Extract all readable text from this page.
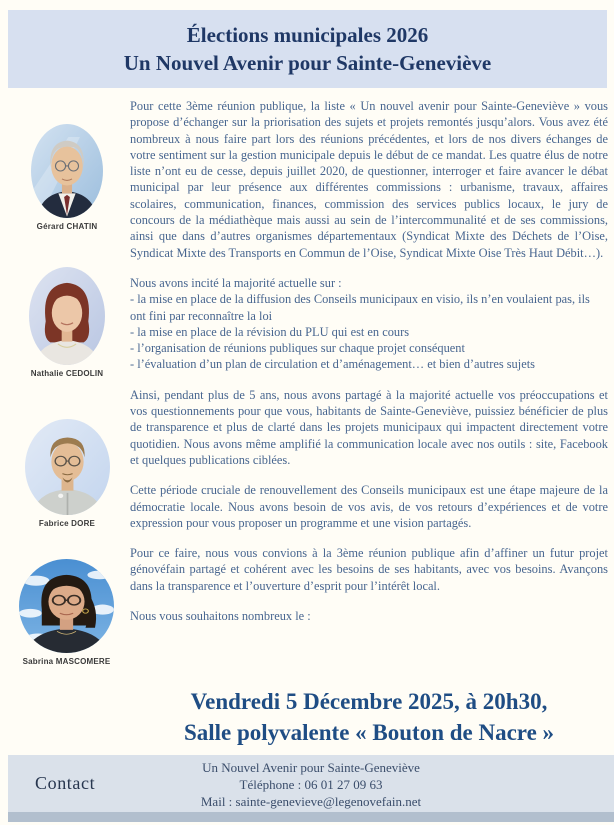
Élections municipales 2026
Un Nouvel Avenir pour Sainte-Geneviève
Gérard CHATIN
Nathalie CEDOLIN
Fabrice DORE
Sabrina MASCOMERE

Pour cette 3ème réunion publique, la liste « Un nouvel avenir pour Sainte-Geneviève » vous propose d’échanger sur la priorisation des sujets et projets remontés jusqu’alors. Vous avez été nombreux à nous faire part lors des réunions précédentes, et lors de nos divers échanges de votre sentiment sur la gestion municipale depuis le début de ce mandat. Les quatre élus de notre liste n’ont eu de cesse, depuis juillet 2020, de questionner, interroger et faire avancer le débat municipal par leur présence aux différentes commissions : urbanisme, travaux, affaires scolaires, communication, finances, commission des services publics locaux, le jury de concours de la médiathèque mais aussi au sein de l’intercommunalité et de ses commissions, ainsi que dans d’autres organismes départementaux (Syndicat Mixte des Déchets de l’Oise, Syndicat Mixte des Transports en Commun de l’Oise, Syndicat Mixte Oise Très Haut Débit…).

Nous avons incité la majorité actuelle sur :
- la mise en place de la diffusion des Conseils municipaux en visio, ils n’en voulaient pas, ils ont fini par reconnaître la loi
- la mise en place de la révision du PLU qui est en cours
- l’organisation de réunions publiques sur chaque projet conséquent
- l’évaluation d’un plan de circulation et d’aménagement… et bien d’autres sujets

Ainsi, pendant plus de 5 ans, nous avons partagé à la majorité actuelle vos préoccupations et vos questionnements pour que vous, habitants de Sainte-Geneviève, puissiez bénéficier de plus de transparence et plus de clarté dans les projets municipaux qui impactent directement votre quotidien. Nous avons même amplifié la communication locale avec nos outils : site, Facebook et quelques publications ciblées.

Cette période cruciale de renouvellement des Conseils municipaux est une étape majeure de la démocratie locale. Nous avons besoin de vos avis, de vos retours d’expériences et de votre expression pour vous proposer un programme et une vision partagés.

Pour ce faire, nous vous convions à la 3ème réunion publique afin d’affiner un futur projet génovéfain partagé et cohérent avec les besoins de ses habitants, avec vos besoins. Avançons dans la transparence et l’ouverture d’esprit pour l’intérêt local.

Nous vous souhaitons nombreux le :

Vendredi 5 Décembre 2025, à 20h30,
Salle polyvalente « Bouton de Nacre »
Contact
Un Nouvel Avenir pour Sainte-Geneviève
Téléphone : 06 01 27 09 63
Mail : sainte-genevieve@legenovefain.net
